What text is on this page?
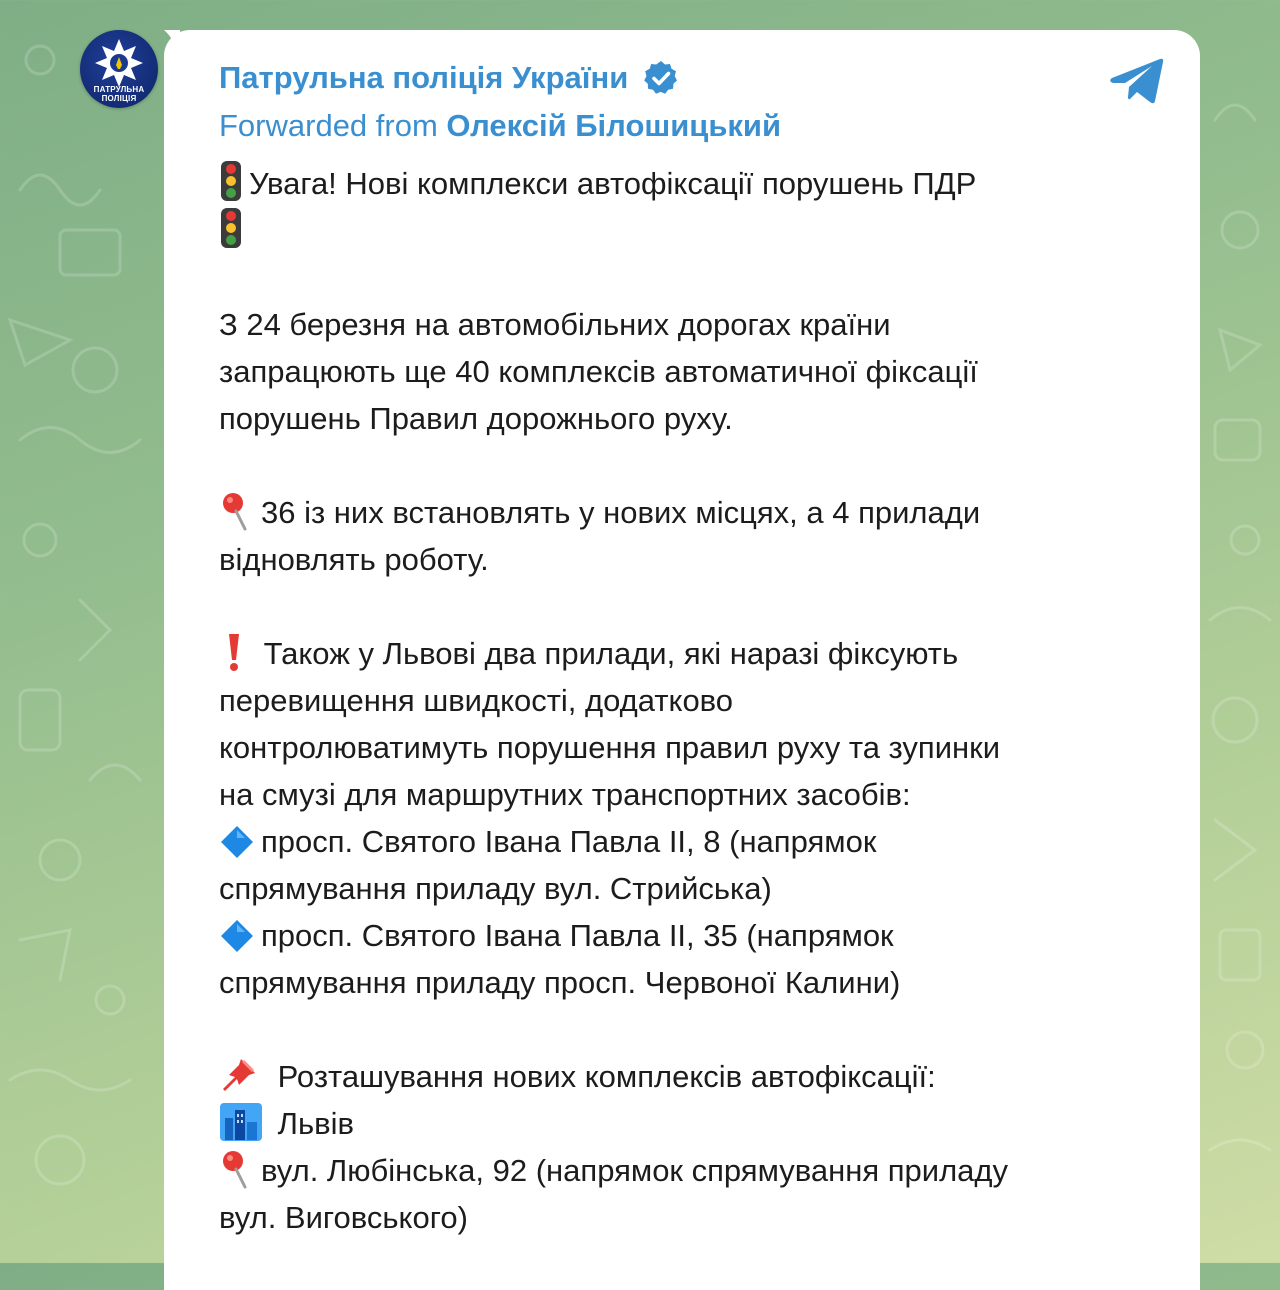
ПАТРУЛЬНА ПОЛІЦІЯ
Патрульна поліція України
Forwarded from Олексій Білошицький
Увага! Нові комплекси автофіксації порушень ПДР
З 24 березня на автомобільних дорогах країни
запрацюють ще 40 комплексів автоматичної фіксації
порушень Правил дорожнього руху.
36 із них встановлять у нових місцях, а 4 прилади
відновлять роботу.
Також у Львові два прилади, які наразі фіксують
перевищення швидкості, додатково
контролюватимуть порушення правил руху та зупинки
на смузі для маршрутних транспортних засобів:
просп. Святого Івана Павла II, 8 (напрямок
спрямування приладу вул. Стрийська)
просп. Святого Івана Павла II, 35 (напрямок
спрямування приладу просп. Червоної Калини)
Розташування нових комплексів автофіксації:
Львів
вул. Любінська, 92 (напрямок спрямування приладу
вул. Виговського)
